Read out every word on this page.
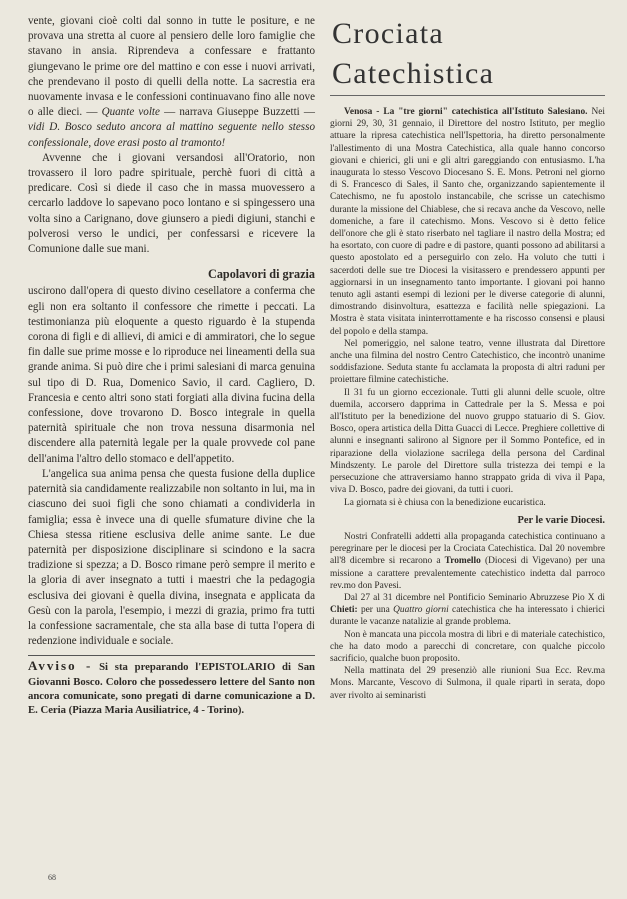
vente, giovani cioè colti dal sonno in tutte le positure, e ne provava una stretta al cuore al pensiero delle loro famiglie che stavano in ansia. Riprendeva a confessare e frattanto giungevano le prime ore del mattino e con esse i nuovi arrivati, che prendevano il posto di quelli della notte. La sacrestia era nuovamente invasa e le confessioni continuavano fino alle nove o alle dieci. — Quante volte — narrava Giuseppe Buzzetti — vidi D. Bosco seduto ancora al mattino seguente nello stesso confessionale, dove erasi posto al tramonto!

Avvenne che i giovani versandosi all'Oratorio, non trovassero il loro padre spirituale, perchè fuori di città a predicare. Così si diede il caso che in massa muovessero a cercarlo laddove lo sapevano poco lontano e si spingessero una volta sino a Carignano, dove giunsero a piedi digiuni, stanchi e polverosi verso le undici, per confessarsi e ricevere la Comunione dalle sue mani.

Capolavori di grazia

uscirono dall'opera di questo divino cesellatore a conferma che egli non era soltanto il confessore che rimette i peccati. La testimonianza più eloquente a questo riguardo è la stupenda corona di figli e di allievi, di amici e di ammiratori, che lo segue fin dalle sue prime mosse e lo riproduce nei lineamenti della sua grande anima. Si può dire che i primi salesiani di marca genuina sul tipo di D. Rua, Domenico Savio, il card. Cagliero, D. Francesia e cento altri sono stati forgiati alla divina fucina della confessione, dove trovarono D. Bosco integrale in quella paternità spirituale che non trova nessuna disarmonia nel discendere alla paternità legale per la quale provvede col pane dell'anima l'altro dello stomaco e dell'appetito.

L'angelica sua anima pensa che questa fusione della duplice paternità sia candidamente realizzabile non soltanto in lui, ma in ciascuno dei suoi figli che sono chiamati a condividerla in famiglia; essa è invece una di quelle sfumature divine che la Chiesa stessa ritiene esclusiva delle anime sante. Le due paternità per disposizione disciplinare si scindono e la sacra tradizione si spezza; a D. Bosco rimane però sempre il merito e la gloria di aver insegnato a tutti i maestri che la pedagogia esclusiva dei giovani è quella divina, insegnata e applicata da Gesù con la parola, l'esempio, i mezzi di grazia, primo fra tutti la confessione sacramentale, che sta alla base di tutta l'opera di redenzione individuale e sociale.

Avviso - Si sta preparando l'EPISTOLARIO di San Giovanni Bosco. Coloro che possedessero lettere del Santo non ancora comunicate, sono pregati di darne comunicazione a D. E. Ceria (Piazza Maria Ausiliatrice, 4 - Torino).

68
Crociata Catechistica

Venosa - La "tre giorni" catechistica all'Istituto Salesiano. Nei giorni 29, 30, 31 gennaio, il Direttore del nostro Istituto, per meglio attuare la ripresa catechistica nell'Ispettoria, ha diretto personalmente l'allestimento di una Mostra Catechistica, alla quale hanno concorso giovani e chierici, gli uni e gli altri gareggiando con entusiasmo. L'ha inaugurata lo stesso Vescovo Diocesano S. E. Mons. Petroni nel giorno di S. Francesco di Sales, il Santo che, organizzando sapientemente il Catechismo, ne fu apostolo instancabile, che scrisse un catechismo durante la missione del Chiablese, che si recava anche da Vescovo, nelle domeniche, a fare il catechismo. Mons. Vescovo si è detto felice dell'onore che gli è stato riserbato nel tagliare il nastro della Mostra; ed ha esortato, con cuore di padre e di pastore, quanti possono ad abilitarsi a questo apostolato ed a perseguirlo con zelo. Ha voluto che tutti i sacerdoti delle sue tre Diocesi la visitassero e prendessero appunti per aggiornarsi in un insegnamento tanto importante. I giovani poi hanno tenuto agli astanti esempi di lezioni per le diverse categorie di alunni, dimostrando disinvoltura, esattezza e facilità nelle spiegazioni. La Mostra è stata visitata ininterrottamente e ha riscosso consensi e plausi del popolo e della stampa.

Nel pomeriggio, nel salone teatro, venne illustrata dal Direttore anche una filmina del nostro Centro Catechistico, che incontrò unanime soddisfazione. Seduta stante fu acclamata la proposta di altri raduni per proiettare filmine catechistiche.

Il 31 fu un giorno eccezionale. Tutti gli alunni delle scuole, oltre duemila, accorsero dapprima in Cattedrale per la S. Messa e poi all'Istituto per la benedizione del nuovo gruppo statuario di S. Giov. Bosco, opera artistica della Ditta Guacci di Lecce. Preghiere collettive di alunni e insegnanti salirono al Signore per il Sommo Pontefice, ed in riparazione della violazione sacrilega della persona del Cardinal Mindszenty. Le parole del Direttore sulla tristezza dei tempi e la persecuzione che attraversiamo hanno strappato grida di viva il Papa, viva D. Bosco, padre dei giovani, da tutti i cuori.

La giornata si è chiusa con la benedizione eucaristica.

Per le varie Diocesi.

Nostri Confratelli addetti alla propaganda catechistica continuano a peregrinare per le diocesi per la Crociata Catechistica. Dal 20 novembre all'8 dicembre si recarono a Tromello (Diocesi di Vigevano) per una missione a carattere prevalentemente catechistico indetta dal parroco rev.mo don Pavesi.

Dal 27 al 31 dicembre nel Pontificio Seminario Abruzzese Pio X di Chieti: per una Quattro giorni catechistica che ha interessato i chierici durante le vacanze natalizie al grande problema.

Non è mancata una piccola mostra di libri e di materiale catechistico, che ha dato modo a parecchi di concretare, con qualche piccolo sacrificio, qualche buon proposito.

Nella mattinata del 29 presenziò alle riunioni Sua Ecc. Rev.ma Mons. Marcante, Vescovo di Sulmona, il quale ripartì in serata, dopo aver rivolto ai seminaristi
